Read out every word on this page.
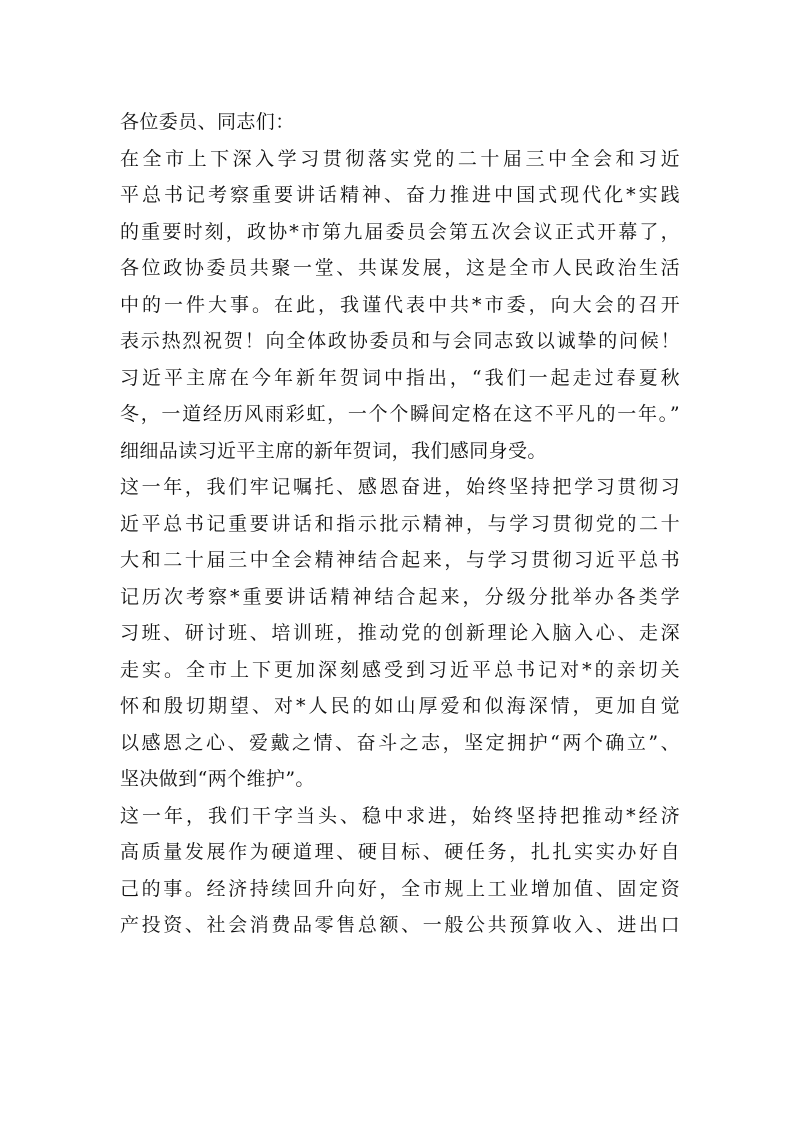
各位委员、同志们：
在全市上下深入学习贯彻落实党的二十届三中全会和习近
平总书记考察重要讲话精神、奋力推进中国式现代化*实践
的重要时刻，政协*市第九届委员会第五次会议正式开幕了，
各位政协委员共聚一堂、共谋发展，这是全市人民政治生活
中的一件大事。在此，我谨代表中共*市委，向大会的召开
表示热烈祝贺！向全体政协委员和与会同志致以诚挚的问候！
习近平主席在今年新年贺词中指出，“我们一起走过春夏秋
冬，一道经历风雨彩虹，一个个瞬间定格在这不平凡的一年。”
细细品读习近平主席的新年贺词，我们感同身受。
这一年，我们牢记嘱托、感恩奋进，始终坚持把学习贯彻习
近平总书记重要讲话和指示批示精神，与学习贯彻党的二十
大和二十届三中全会精神结合起来，与学习贯彻习近平总书
记历次考察*重要讲话精神结合起来，分级分批举办各类学
习班、研讨班、培训班，推动党的创新理论入脑入心、走深
走实。全市上下更加深刻感受到习近平总书记对*的亲切关
怀和殷切期望、对*人民的如山厚爱和似海深情，更加自觉
以感恩之心、爱戴之情、奋斗之志，坚定拥护“两个确立”、
坚决做到“两个维护”。
这一年，我们干字当头、稳中求进，始终坚持把推动*经济
高质量发展作为硬道理、硬目标、硬任务，扎扎实实办好自
己的事。经济持续回升向好，全市规上工业增加值、固定资
产投资、社会消费品零售总额、一般公共预算收入、进出口
